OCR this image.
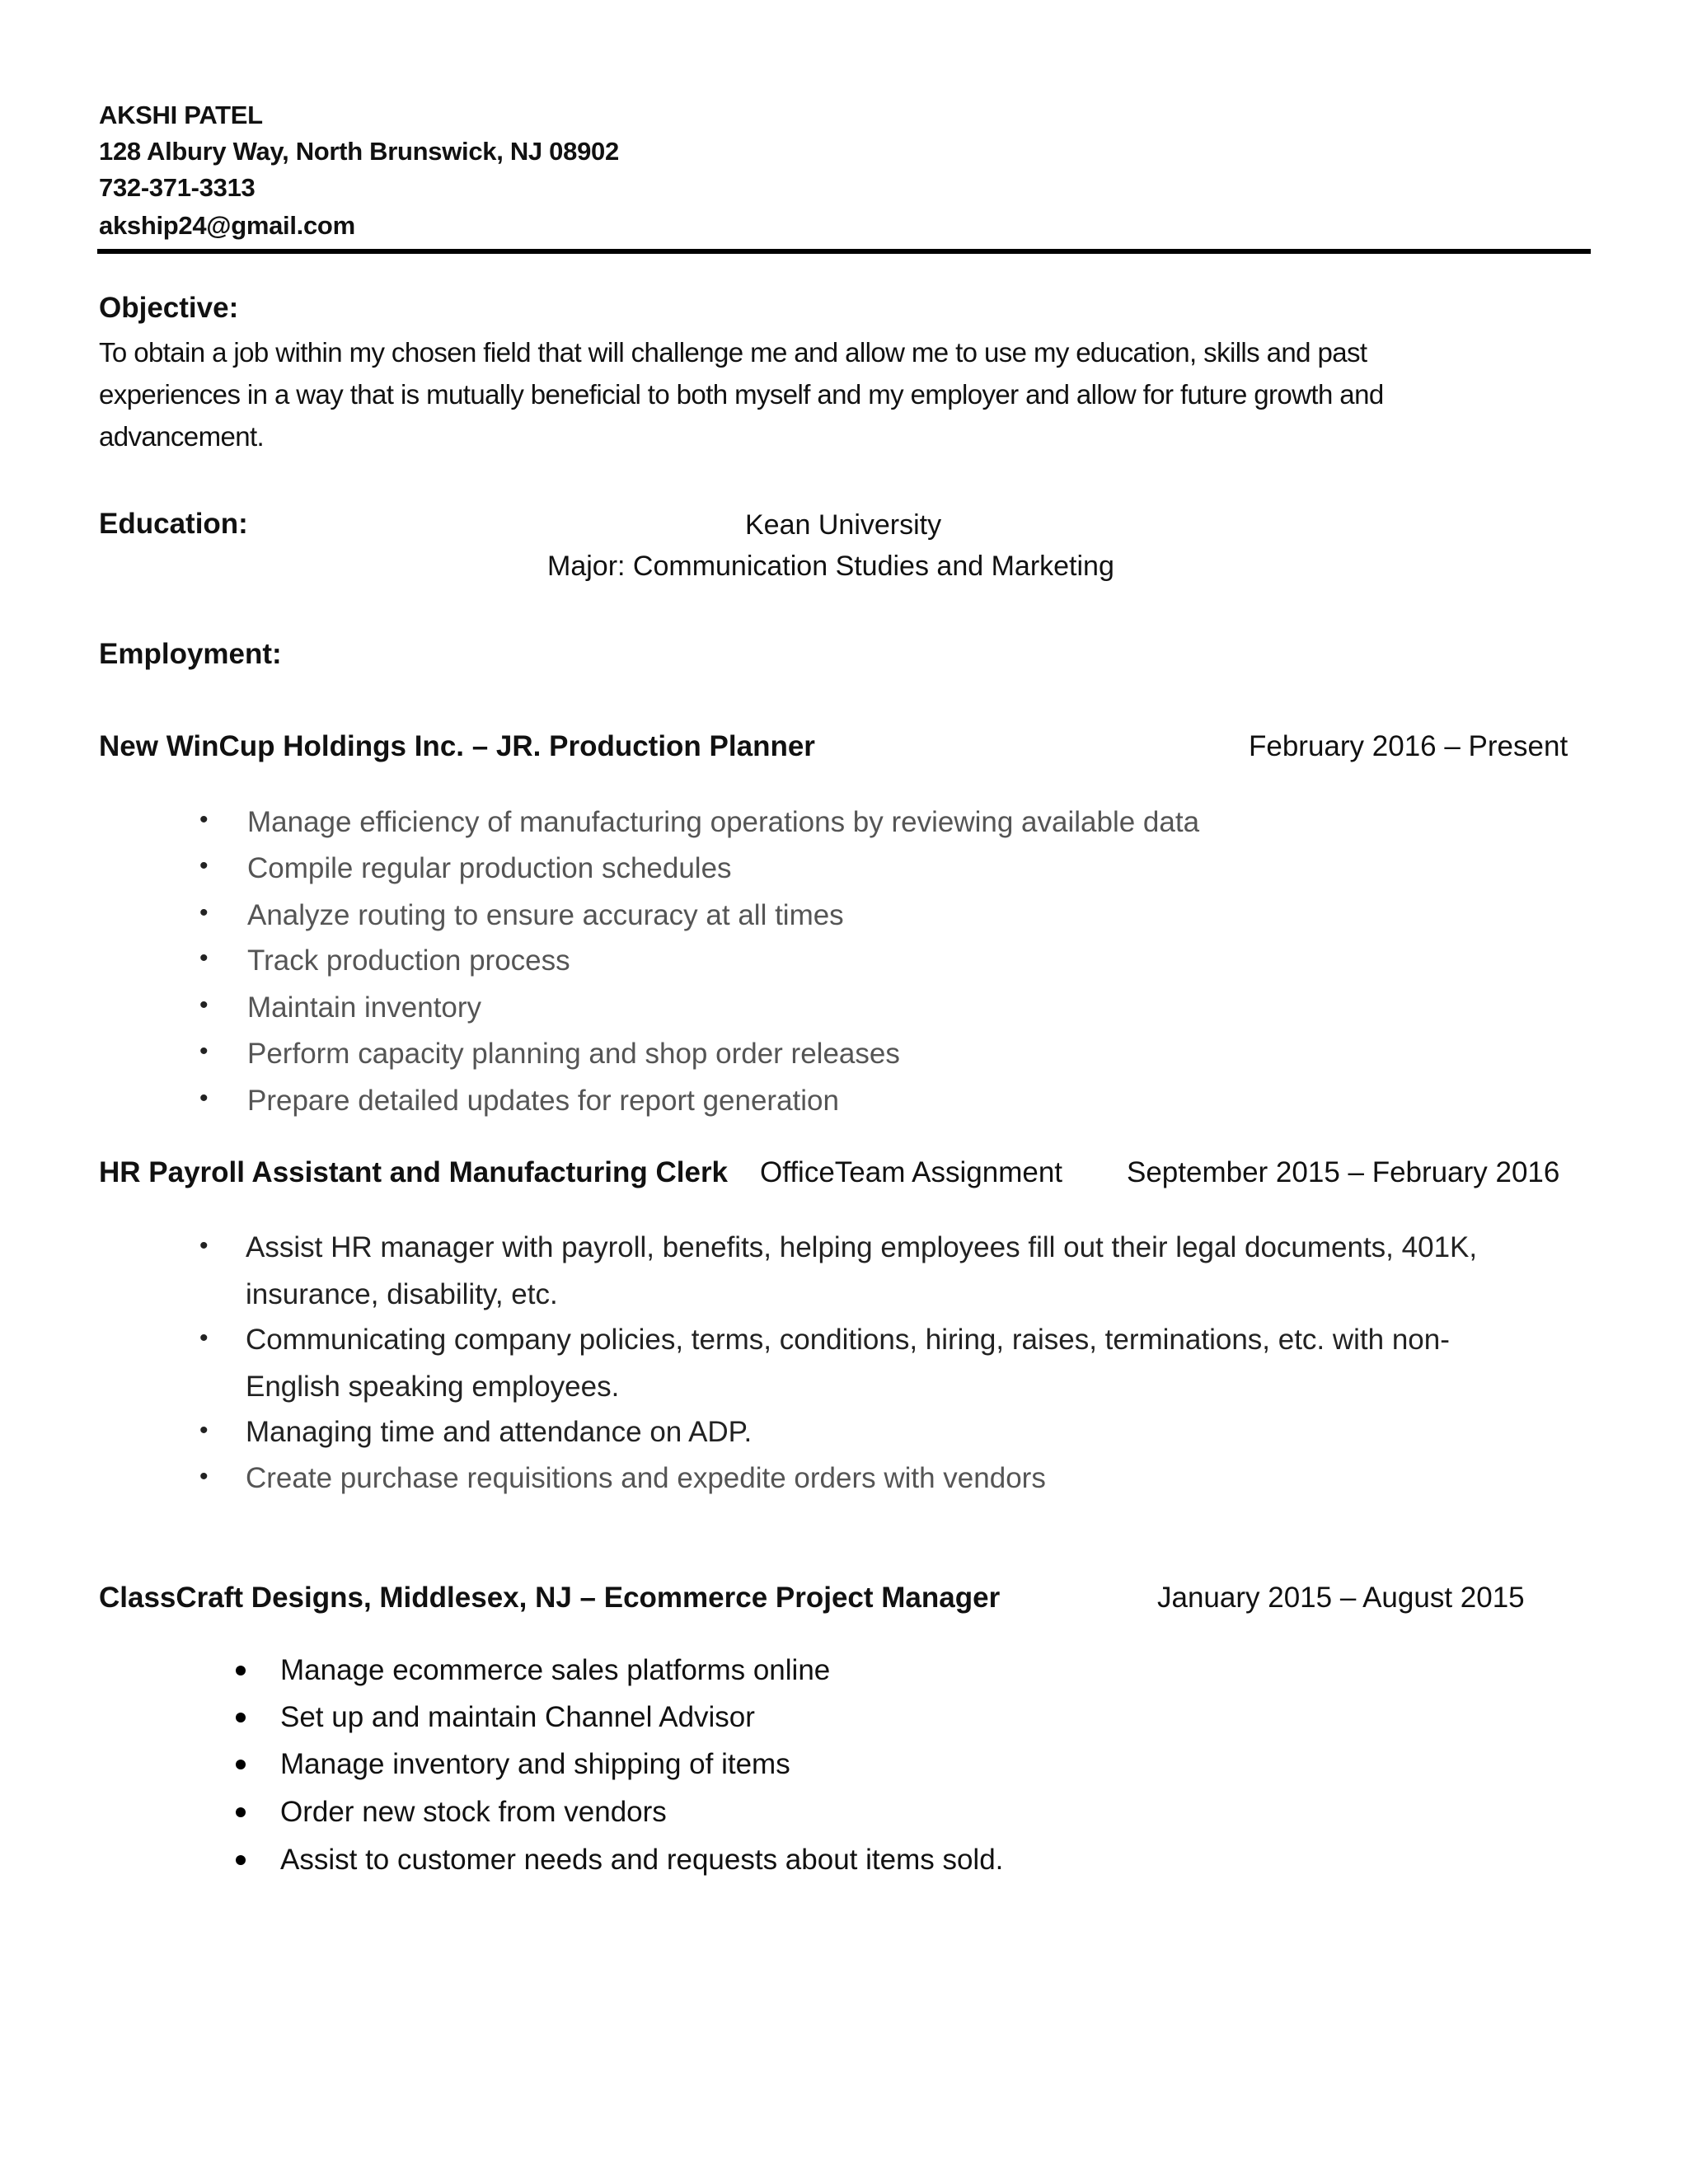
AKSHI PATEL
128 Albury Way, North Brunswick, NJ 08902
732-371-3313
akship24@gmail.com
Objective:
To obtain a job within my chosen field that will challenge me and allow me to use my education, skills and past
experiences in a way that is mutually beneficial to both myself and my employer and allow for future growth and
advancement.
Education:	Kean University
Major: Communication Studies and Marketing
Employment:
New WinCup Holdings Inc. – JR. Production Planner	February 2016 – Present
• Manage efficiency of manufacturing operations by reviewing available data
• Compile regular production schedules
• Analyze routing to ensure accuracy at all times
• Track production process
• Maintain inventory
• Perform capacity planning and shop order releases
• Prepare detailed updates for report generation
HR Payroll Assistant and Manufacturing Clerk OfficeTeam Assignment September 2015 – February 2016
• Assist HR manager with payroll, benefits, helping employees fill out their legal documents, 401K,
insurance, disability, etc.
• Communicating company policies, terms, conditions, hiring, raises, terminations, etc. with non-
English speaking employees.
• Managing time and attendance on ADP.
• Create purchase requisitions and expedite orders with vendors
ClassCraft Designs, Middlesex, NJ – Ecommerce Project Manager	January 2015 – August 2015
Manage ecommerce sales platforms online
Set up and maintain Channel Advisor
Manage inventory and shipping of items
Order new stock from vendors
Assist to customer needs and requests about items sold.
